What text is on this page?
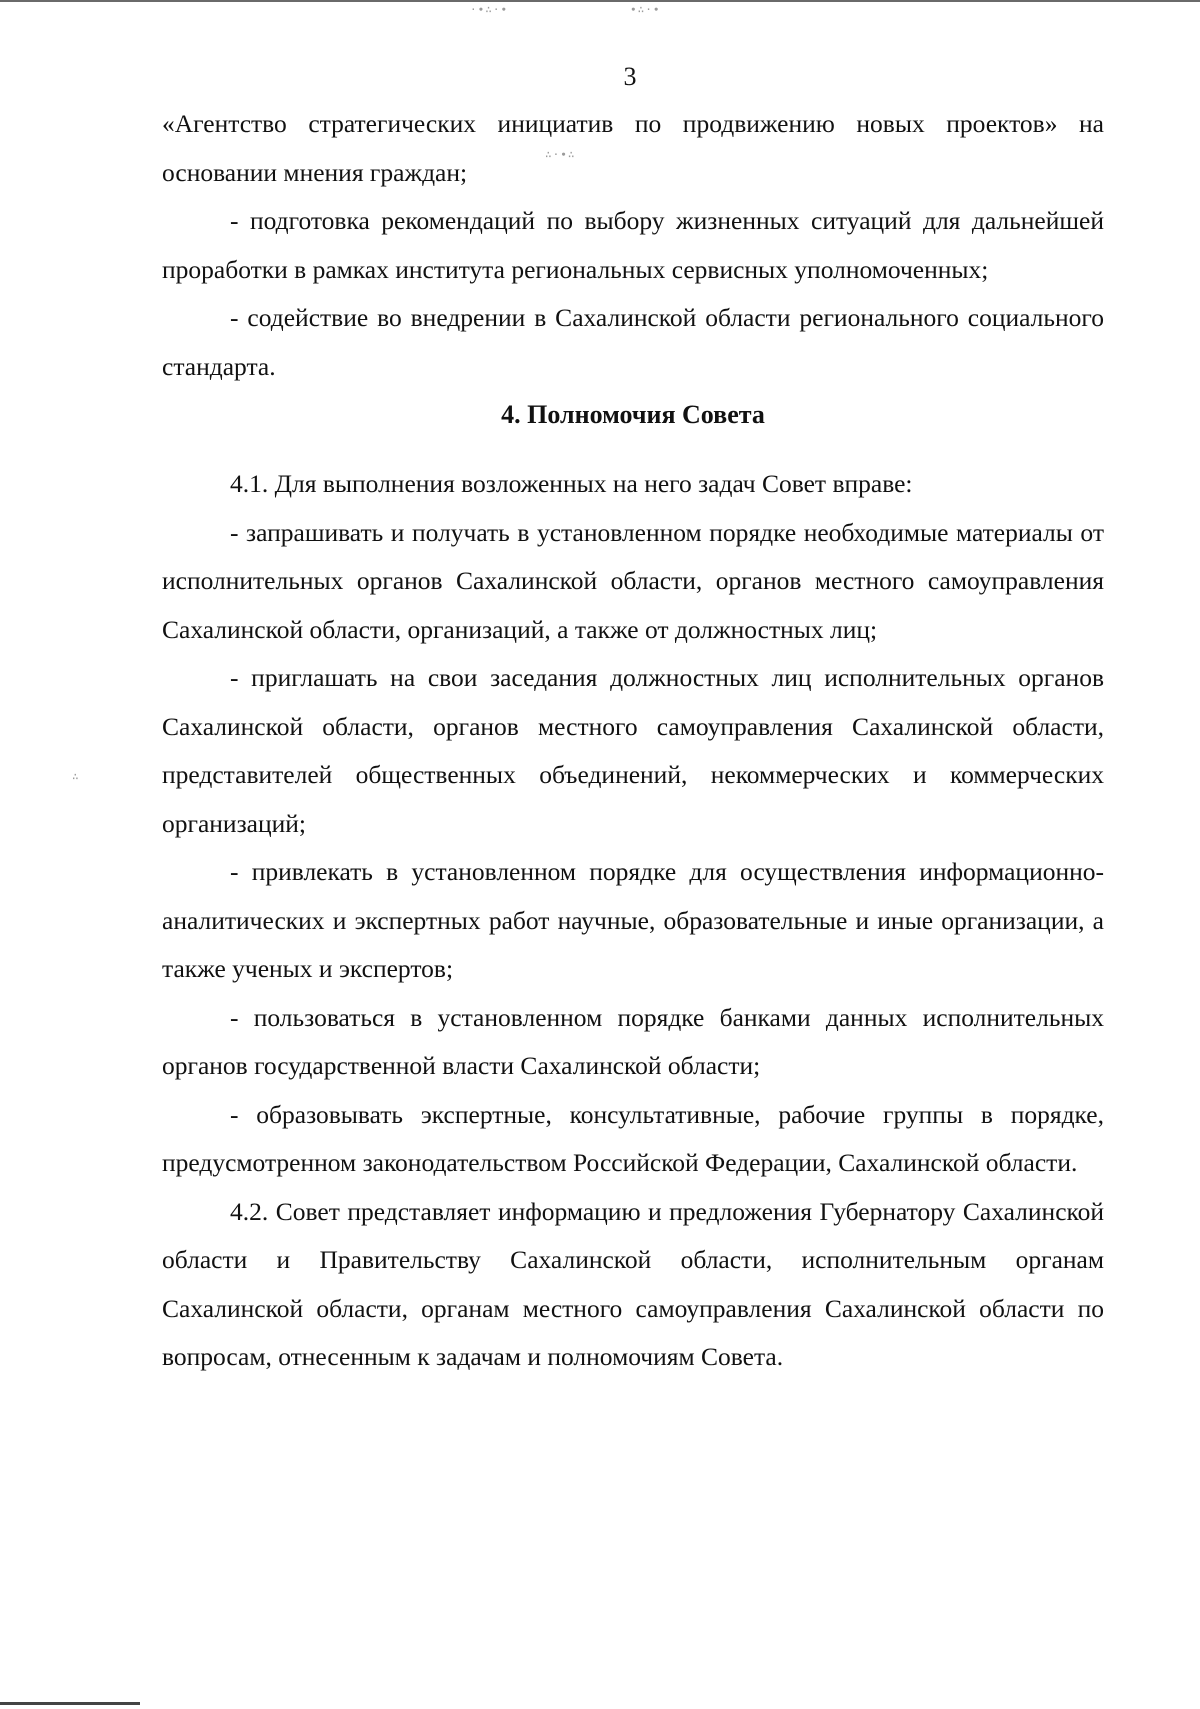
·∙∴·∙	∙∴·∙
∴·∙∴
∴
3

«Агентство стратегических инициатив по продвижению новых проектов» на основании мнения граждан;

- подготовка рекомендаций по выбору жизненных ситуаций для дальнейшей проработки в рамках института региональных сервисных уполномоченных;

- содействие во внедрении в Сахалинской области регионального социального стандарта.

4. Полномочия Совета

4.1. Для выполнения возложенных на него задач Совет вправе:

- запрашивать и получать в установленном порядке необходимые материалы от исполнительных органов Сахалинской области, органов местного самоуправления Сахалинской области, организаций, а также от должностных лиц;

- приглашать на свои заседания должностных лиц исполнительных органов Сахалинской области, органов местного самоуправления Сахалинской области, представителей общественных объединений, некоммерческих и коммерческих организаций;

- привлекать в установленном порядке для осуществления информационно-аналитических и экспертных работ научные, образовательные и иные организации, а также ученых и экспертов;

- пользоваться в установленном порядке банками данных исполнительных органов государственной власти Сахалинской области;

- образовывать экспертные, консультативные, рабочие группы в порядке, предусмотренном законодательством Российской Федерации, Сахалинской области.

4.2. Совет представляет информацию и предложения Губернатору Сахалинской области и Правительству Сахалинской области, исполнительным органам Сахалинской области, органам местного самоуправления Сахалинской области по вопросам, отнесенным к задачам и полномочиям Совета.
